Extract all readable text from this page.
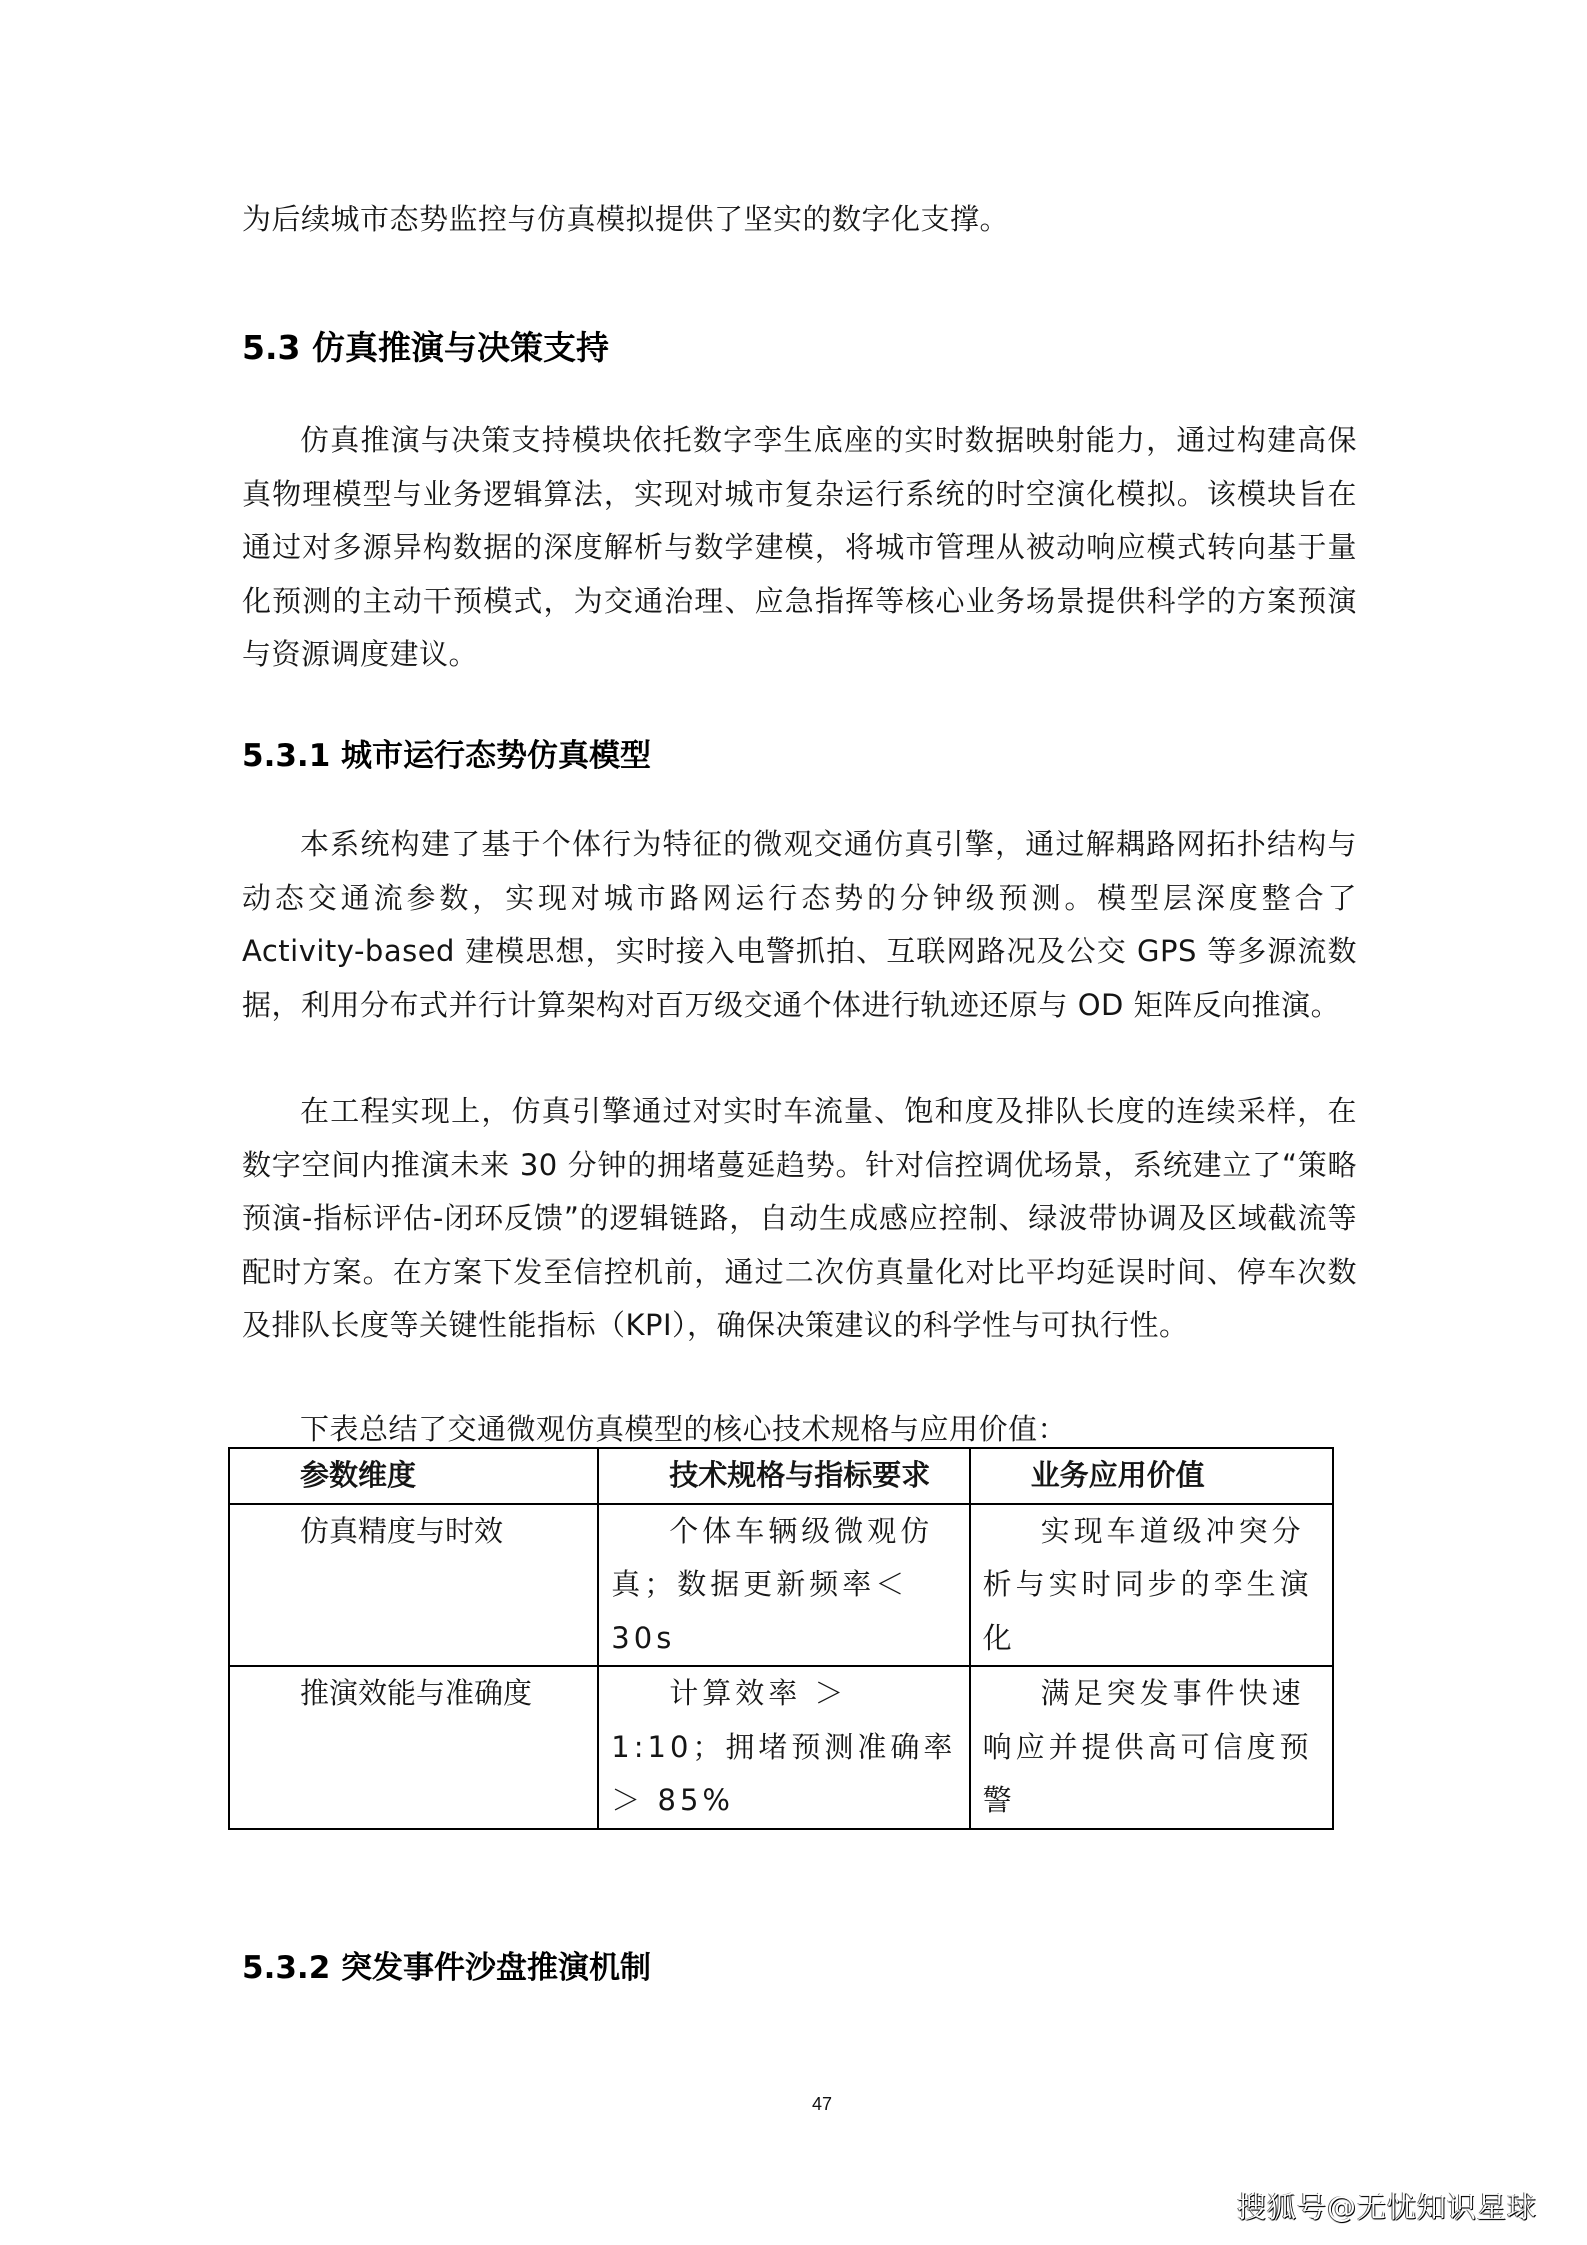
为后续城市态势监控与仿真模拟提供了坚实的数字化支撑。
5.3 仿真推演与决策支持
仿真推演与决策支持模块依托数字孪生底座的实时数据映射能力，通过构建高保真物理模型与业务逻辑算法，实现对城市复杂运行系统的时空演化模拟。该模块旨在通过对多源异构数据的深度解析与数学建模，将城市管理从被动响应模式转向基于量化预测的主动干预模式，为交通治理、应急指挥等核心业务场景提供科学的方案预演与资源调度建议。
5.3.1 城市运行态势仿真模型
本系统构建了基于个体行为特征的微观交通仿真引擎，通过解耦路网拓扑结构与动态交通流参数，实现对城市路网运行态势的分钟级预测。模型层深度整合了 Activity-based 建模思想，实时接入电警抓拍、互联网路况及公交 GPS 等多源流数据，利用分布式并行计算架构对百万级交通个体进行轨迹还原与 OD 矩阵反向推演。
在工程实现上，仿真引擎通过对实时车流量、饱和度及排队长度的连续采样，在数字空间内推演未来 30 分钟的拥堵蔓延趋势。针对信控调优场景，系统建立了“策略预演-指标评估-闭环反馈”的逻辑链路，自动生成感应控制、绿波带协调及区域截流等配时方案。在方案下发至信控机前，通过二次仿真量化对比平均延误时间、停车次数及排队长度等关键性能指标（KPI），确保决策建议的科学性与可执行性。
下表总结了交通微观仿真模型的核心技术规格与应用价值：
参数维度	技术规格与指标要求	业务应用价值
仿真精度与时效	个体车辆级微观仿真；数据更新频率＜30s	实现车道级冲突分析与实时同步的孪生演化
推演效能与准确度	计算效率 ＞ 1:10；拥堵预测准确率 ＞ 85%	满足突发事件快速响应并提供高可信度预警
5.3.2 突发事件沙盘推演机制
47
搜狐号@无忧知识星球
